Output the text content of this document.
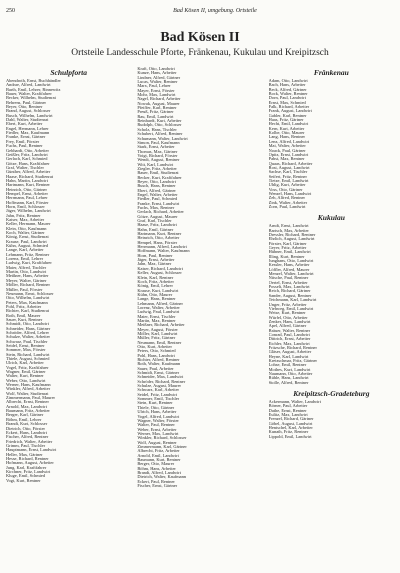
250	Bad Kösen II, umgebung. Ortsteile
Bad Kösen II
Ortsteile Landesschule Pforte, Fränkenau, Kukulau und Kreipitzsch
Schulpforta
Abendroth, Ernst, Buchhändler
Andrae, Alfred, Landwirt
Barth, Emil, Lehrer, Rinnewitz
Bauer, Walter, Kraftfahrer
Becker, Wilhelm, Studienrat
Behrens, Paul, Gärtner
Beyer, Otto, Rentner
Brand, August, Schlosser
Busch, Wilhelm, Landwirt
Dahl, Walter, Studienrat
Ebert, Kurt, Arbeiter
Engel, Hermann, Lehrer
Fiedler, Max, Kaufmann
Franke, Ernst, Gärtner
Frey, Emil, Förster
Fuchs, Paul, Rentner
Gebhardt, Otto, Arbeiter
Geißler, Fritz, Landwirt
Gerlach, Karl, Schmied
Götze, Hans, Kraftfahrer
Graf, Walter, Tischler
Günther, Alfred, Arbeiter
Haase, Richard, Studienrat
Hahn, Martin, Landwirt
Hartmann, Kurt, Rentner
Heinrich, Otto, Gärtner
Hempel, Ernst, Arbeiter
Herrmann, Paul, Lehrer
Hoffmann, Karl, Förster
Horn, Emil, Schlosser
Jäger, Wilhelm, Landwirt
Jahn, Fritz, Rentner
Kaiser, Max, Arbeiter
Keller, Hermann, Maurer
Klein, Otto, Kaufmann
Koch, Walter, Gärtner
König, Ernst, Studienrat
Krause, Paul, Landwirt
Kühn, August, Schmied
Lange, Karl, Arbeiter
Lehmann, Fritz, Rentner
Lorenz, Emil, Lehrer
Ludwig, Kurt, Kraftfahrer
Maier, Alfred, Tischler
Martin, Otto, Landwirt
Meißner, Hans, Arbeiter
Meyer, Walter, Gärtner
Möller, Richard, Rentner
Müller, Paul, Förster
Neumann, Ernst, Schlosser
Otto, Wilhelm, Landwirt
Peters, Max, Kaufmann
Pohl, Fritz, Arbeiter
Richter, Karl, Studienrat
Roth, Emil, Maurer
Sauer, Kurt, Rentner
Schmidt, Otto, Landwirt
Schneider, Hans, Gärtner
Schröder, Alfred, Lehrer
Schulze, Walter, Arbeiter
Schwarz, Paul, Tischler
Seidel, Ernst, Rentner
Sommer, Max, Förster
Stein, Richard, Landwirt
Thiele, August, Schmied
Ulrich, Karl, Arbeiter
Vogel, Fritz, Kraftfahrer
Wagner, Emil, Gärtner
Walter, Kurt, Rentner
Weber, Otto, Landwirt
Werner, Hans, Kaufmann
Winkler, Alfred, Arbeiter
Wolf, Walter, Studienrat
Zimmermann, Paul, Maurer
Albrecht, Ernst, Rentner
Arnold, Max, Landwirt
Baumann, Fritz, Arbeiter
Berger, Karl, Gärtner
Böhm, Emil, Lehrer
Brandt, Kurt, Schlosser
Dietrich, Otto, Förster
Eckert, Hans, Landwirt
Fischer, Alfred, Rentner
Friedrich, Walter, Arbeiter
Grimm, Paul, Tischler
Hauptmann, Ernst, Landwirt
Heller, Max, Gärtner
Hesse, Richard, Rentner
Hofmann, August, Arbeiter
Jung, Karl, Kraftfahrer
Kirchner, Fritz, Landwirt
Kluge, Emil, Schmied
Vogt, Kurt, Rentner
Kraft, Otto, Landwirt
Kunze, Hans, Arbeiter
Lindner, Alfred, Gärtner
Lucas, Walter, Rentner
Marx, Paul, Lehrer
Mayer, Ernst, Förster
Mohr, Max, Landwirt
Nagel, Richard, Arbeiter
Nowak, August, Maurer
Pfeiffer, Karl, Rentner
Preuß, Fritz, Gärtner
Rau, Emil, Landwirt
Reinhardt, Kurt, Arbeiter
Rudolph, Otto, Schlosser
Scholz, Hans, Tischler
Schubert, Alfred, Rentner
Schumann, Walter, Landwirt
Simon, Paul, Kaufmann
Stark, Ernst, Arbeiter
Thomas, Max, Gärtner
Voigt, Richard, Förster
Wendt, August, Rentner
Witt, Karl, Landwirt
Ziegler, Fritz, Arbeiter
Bauer, Emil, Studienrat
Becker, Kurt, Kraftfahrer
Beyer, Otto, Landwirt
Busch, Hans, Rentner
Ebert, Alfred, Gärtner
Engel, Walter, Arbeiter
Fiedler, Paul, Schmied
Franke, Ernst, Landwirt
Fuchs, Max, Rentner
Gerlach, Richard, Arbeiter
Götze, August, Maurer
Graf, Karl, Tischler
Haase, Fritz, Landwirt
Hahn, Emil, Gärtner
Hartmann, Kurt, Rentner
Heinrich, Otto, Arbeiter
Hempel, Hans, Förster
Herrmann, Alfred, Landwirt
Hoffmann, Walter, Kaufmann
Horn, Paul, Rentner
Jäger, Ernst, Arbeiter
Jahn, Max, Gärtner
Kaiser, Richard, Landwirt
Keller, August, Schlosser
Klein, Karl, Rentner
Koch, Fritz, Arbeiter
König, Emil, Lehrer
Krause, Kurt, Landwirt
Kühn, Otto, Maurer
Lange, Hans, Rentner
Lehmann, Alfred, Gärtner
Lorenz, Walter, Arbeiter
Ludwig, Paul, Landwirt
Maier, Ernst, Tischler
Martin, Max, Rentner
Meißner, Richard, Arbeiter
Meyer, August, Förster
Möller, Karl, Landwirt
Müller, Fritz, Gärtner
Neumann, Emil, Rentner
Otto, Kurt, Arbeiter
Peters, Otto, Schmied
Pohl, Hans, Landwirt
Richter, Alfred, Rentner
Roth, Walter, Kaufmann
Sauer, Paul, Arbeiter
Schmidt, Ernst, Gärtner
Schneider, Max, Landwirt
Schröder, Richard, Rentner
Schulze, August, Maurer
Schwarz, Karl, Arbeiter
Seidel, Fritz, Landwirt
Sommer, Emil, Tischler
Stein, Kurt, Rentner
Thiele, Otto, Gärtner
Ulrich, Hans, Arbeiter
Vogel, Alfred, Landwirt
Wagner, Walter, Förster
Walter, Paul, Rentner
Weber, Ernst, Arbeiter
Werner, Max, Landwirt
Winkler, Richard, Schlosser
Wolf, August, Rentner
Zimmermann, Karl, Gärtner
Albrecht, Fritz, Arbeiter
Arnold, Emil, Landwirt
Baumann, Kurt, Rentner
Berger, Otto, Maurer
Böhm, Hans, Arbeiter
Brandt, Alfred, Landwirt
Dietrich, Walter, Kaufmann
Eckert, Paul, Rentner
Fischer, Ernst, Gärtner
Fränkenau
Adam, Otto, Landwirt
Bach, Hans, Arbeiter
Beck, Alfred, Gärtner
Bock, Walter, Rentner
Dorn, Paul, Landwirt
Ernst, Max, Schmied
Falk, Richard, Arbeiter
Frank, August, Landwirt
Gabler, Karl, Rentner
Haas, Fritz, Gärtner
Hecht, Emil, Landwirt
Kern, Kurt, Arbeiter
Kolbe, Otto, Maurer
Lang, Hans, Rentner
Lenz, Alfred, Landwirt
Mai, Walter, Arbeiter
Noack, Paul, Gärtner
Opitz, Ernst, Landwirt
Pabst, Max, Rentner
Quaas, Richard, Arbeiter
Rost, August, Landwirt
Sachse, Karl, Tischler
Seifert, Fritz, Rentner
Tietze, Emil, Landwirt
Uhlig, Kurt, Arbeiter
Voss, Otto, Gärtner
Wenzel, Hans, Landwirt
Zeh, Alfred, Rentner
Zink, Walter, Arbeiter
Zorn, Paul, Landwirt
Kukulau
Arndt, Ernst, Landwirt
Bartsch, Max, Arbeiter
Dressler, Richard, Rentner
Ehrlich, August, Landwirt
Förster, Karl, Gärtner
Geyer, Fritz, Arbeiter
Hübner, Emil, Landwirt
Illing, Kurt, Rentner
Junghans, Otto, Landwirt
Kessler, Hans, Arbeiter
Löffler, Alfred, Maurer
Menzel, Walter, Landwirt
Nitsche, Paul, Rentner
Oertel, Ernst, Arbeiter
Posselt, Max, Landwirt
Reich, Richard, Gärtner
Sander, August, Rentner
Teichmann, Karl, Landwirt
Unger, Fritz, Arbeiter
Viehweg, Emil, Landwirt
Weise, Kurt, Rentner
Würfel, Otto, Arbeiter
Zenker, Hans, Landwirt
Apel, Alfred, Gärtner
Bräuer, Walter, Rentner
Conrad, Paul, Landwirt
Dittrich, Ernst, Arbeiter
Eichler, Max, Landwirt
Fritzsche, Richard, Rentner
Gläser, August, Arbeiter
Heyne, Karl, Landwirt
Kretzschmar, Fritz, Gärtner
Lohse, Emil, Rentner
Mothes, Kurt, Landwirt
Naumann, Otto, Arbeiter
Rühle, Hans, Landwirt
Stolle, Alfred, Rentner
Kreipitzsch-Gradeteburg
Ackermann, Walter, Landwirt
Börner, Paul, Arbeiter
Dathe, Ernst, Rentner
Eulitz, Max, Landwirt
Frenzel, Richard, Gärtner
Göbel, August, Landwirt
Hentschel, Karl, Arbeiter
Kunath, Fritz, Rentner
Lippold, Emil, Landwirt
